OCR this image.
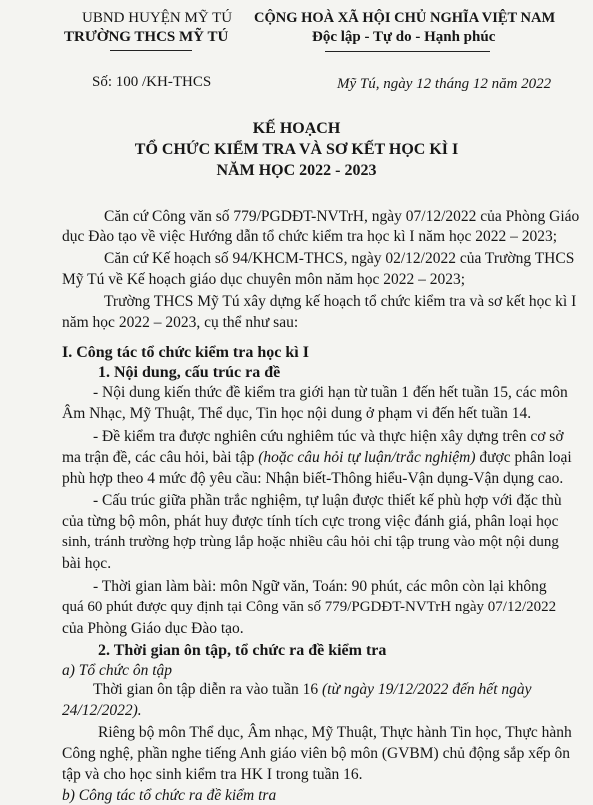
UBND HUYỆN MỸ TÚ
TRƯỜNG THCS MỸ TÚ
Số: 100 /KH-THCS
CỘNG HOÀ XÃ HỘI CHỦ NGHĨA VIỆT NAM
Độc lập - Tự do - Hạnh phúc
Mỹ Tú, ngày 12 tháng 12 năm 2022
KẾ HOẠCH
TỔ CHỨC KIỂM TRA VÀ SƠ KẾT HỌC KÌ I
NĂM HỌC 2022 - 2023
Căn cứ Công văn số 779/PGDĐT-NVTrH, ngày 07/12/2022 của Phòng Giáo
dục Đào tạo về việc Hướng dẫn tổ chức kiểm tra học kì I năm học 2022 – 2023;
Căn cứ Kế hoạch số 94/KHCM-THCS, ngày 02/12/2022 của Trường THCS
Mỹ Tú về Kế hoạch giáo dục chuyên môn năm học 2022 – 2023;
Trường THCS Mỹ Tú xây dựng kế hoạch tổ chức kiểm tra và sơ kết học kì I
năm học 2022 – 2023, cụ thể như sau:
I. Công tác tổ chức kiểm tra học kì I
1. Nội dung, cấu trúc ra đề
- Nội dung kiến thức đề kiểm tra giới hạn từ tuần 1 đến hết tuần 15, các môn
Âm Nhạc, Mỹ Thuật, Thể dục, Tin học nội dung ở phạm vi đến hết tuần 14.
- Đề kiểm tra được nghiên cứu nghiêm túc và thực hiện xây dựng trên cơ sở
ma trận đề, các câu hỏi, bài tập (hoặc câu hỏi tự luận/trắc nghiệm) được phân loại
phù hợp theo 4 mức độ yêu cầu: Nhận biết-Thông hiểu-Vận dụng-Vận dụng cao.
- Cấu trúc giữa phần trắc nghiệm, tự luận được thiết kế phù hợp với đặc thù
của từng bộ môn, phát huy được tính tích cực trong việc đánh giá, phân loại học
sinh, tránh trường hợp trùng lắp hoặc nhiều câu hỏi chỉ tập trung vào một nội dung
bài học.
- Thời gian làm bài: môn Ngữ văn, Toán: 90 phút, các môn còn lại không
quá 60 phút được quy định tại Công văn số 779/PGDĐT-NVTrH ngày 07/12/2022
của Phòng Giáo dục Đào tạo.
2. Thời gian ôn tập, tổ chức ra đề kiểm tra
a) Tổ chức ôn tập
Thời gian ôn tập diễn ra vào tuần 16 (từ ngày 19/12/2022 đến hết ngày
24/12/2022).
Riêng bộ môn Thể dục, Âm nhạc, Mỹ Thuật, Thực hành Tin học, Thực hành
Công nghệ, phần nghe tiếng Anh giáo viên bộ môn (GVBM) chủ động sắp xếp ôn
tập và cho học sinh kiểm tra HK I trong tuần 16.
b) Công tác tổ chức ra đề kiểm tra
